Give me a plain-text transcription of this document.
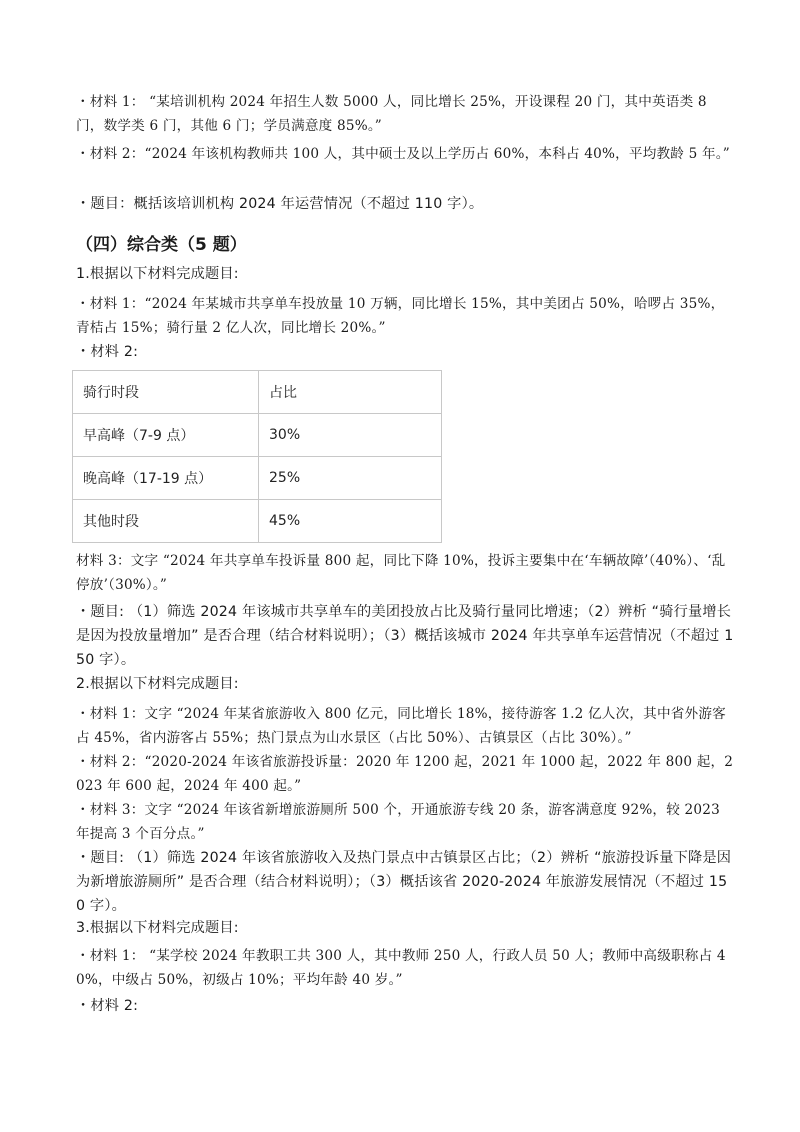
・材料 1： “某培训机构 2024 年招生人数 5000 人，同比增长 25%，开设课程 20 门，其中英语类 8 门，数学类 6 门，其他 6 门；学员满意度 85%。”

・材料 2：“2024 年该机构教师共 100 人，其中硕士及以上学历占 60%，本科占 40%，平均教龄 5 年。”

・题目：概括该培训机构 2024 年运营情况（不超过 110 字）。

（四）综合类（5 题）

1.根据以下材料完成题目:

・材料 1：“2024 年某城市共享单车投放量 10 万辆，同比增长 15%，其中美团占 50%，哈啰占 35%，青桔占 15%；骑行量 2 亿人次，同比增长 20%。”

・材料 2:

骑行时段	占比
早高峰（7-9 点）	30%
晚高峰（17-19 点）	25%
其他时段	45%

材料 3：文字 “2024 年共享单车投诉量 800 起，同比下降 10%，投诉主要集中在‘车辆故障’（40%）、‘乱停放’（30%）。”

・题目: （1）筛选 2024 年该城市共享单车的美团投放占比及骑行量同比增速；（2）辨析 “骑行量增长是因为投放量增加” 是否合理（结合材料说明）；（3）概括该城市 2024 年共享单车运营情况（不超过 150 字）。

2.根据以下材料完成题目:

・材料 1：文字 “2024 年某省旅游收入 800 亿元，同比增长 18%，接待游客 1.2 亿人次，其中省外游客占 45%，省内游客占 55%；热门景点为山水景区（占比 50%）、古镇景区（占比 30%）。”

・材料 2：“2020-2024 年该省旅游投诉量：2020 年 1200 起，2021 年 1000 起，2022 年 800 起，2023 年 600 起，2024 年 400 起。”

・材料 3：文字 “2024 年该省新增旅游厕所 500 个，开通旅游专线 20 条，游客满意度 92%，较 2023 年提高 3 个百分点。”

・题目: （1）筛选 2024 年该省旅游收入及热门景点中古镇景区占比；（2）辨析 “旅游投诉量下降是因为新增旅游厕所” 是否合理（结合材料说明）；（3）概括该省 2020-2024 年旅游发展情况（不超过 150 字）。

3.根据以下材料完成题目:

・材料 1： “某学校 2024 年教职工共 300 人，其中教师 250 人，行政人员 50 人；教师中高级职称占 40%，中级占 50%，初级占 10%；平均年龄 40 岁。”

・材料 2:
